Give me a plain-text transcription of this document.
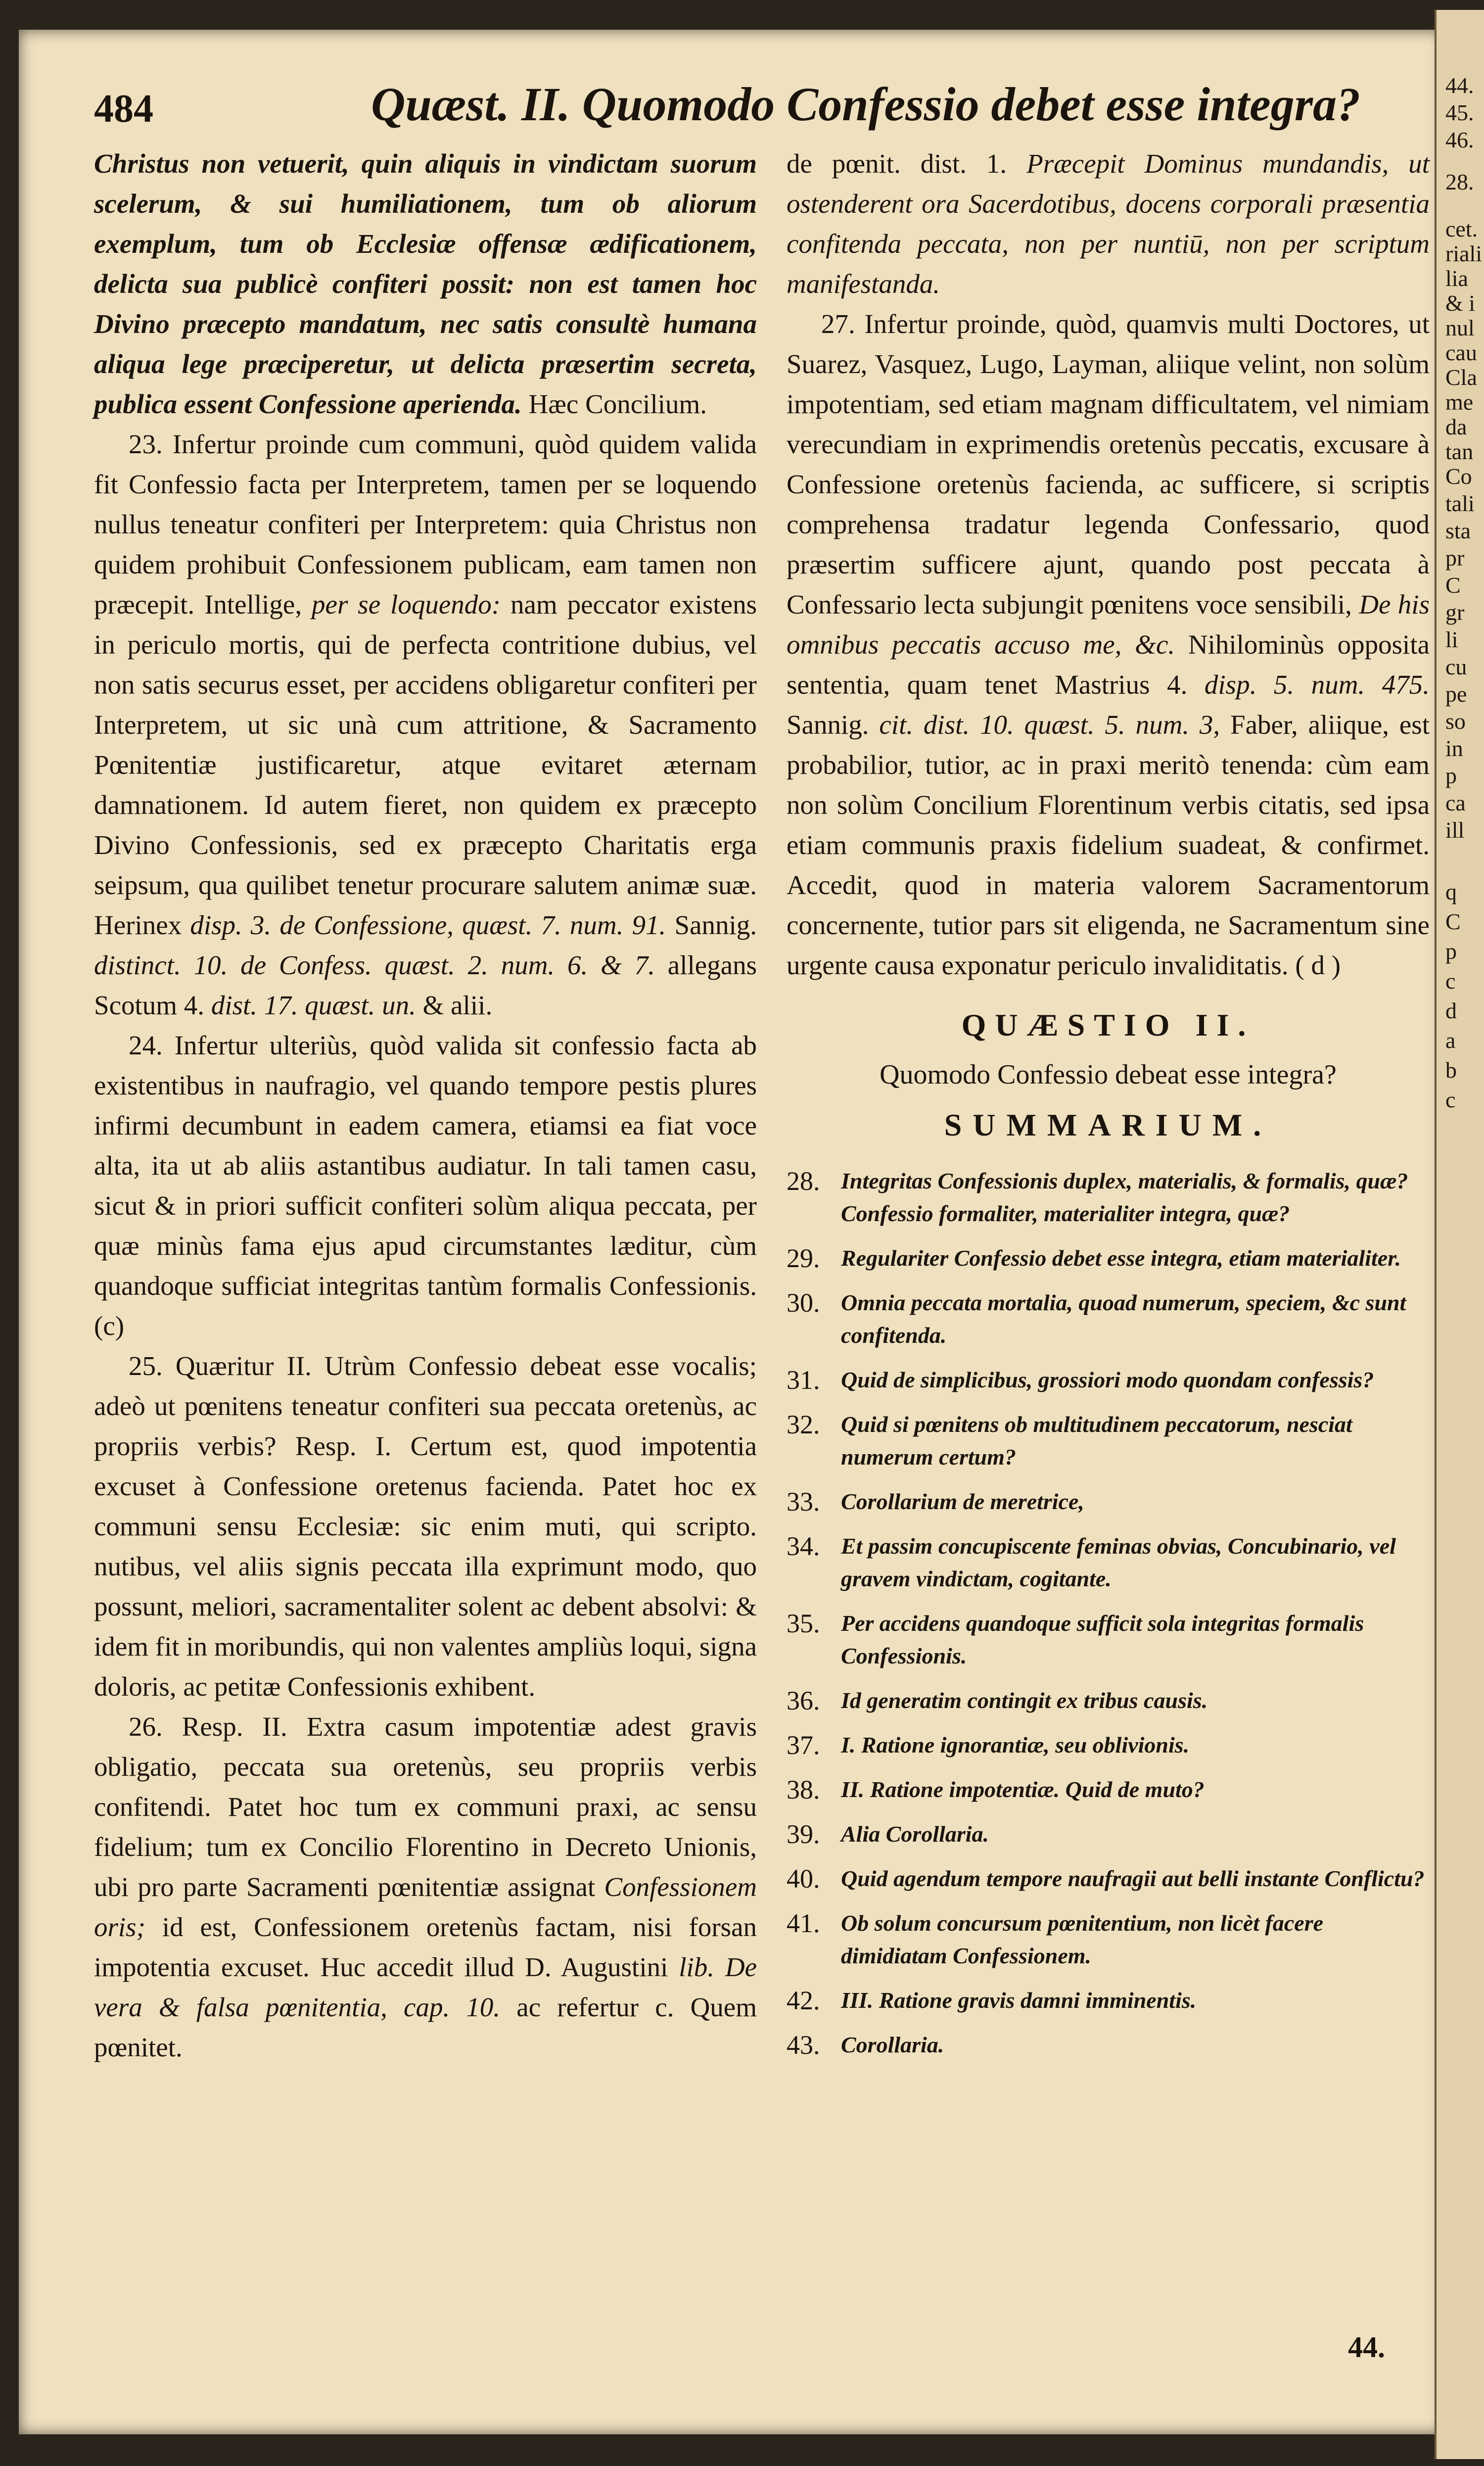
44.
45.
46.
28.
cet.
riali
lia
& i
nul
cau
Cla
me
da
tan
Co
tali
sta
pr
C
gr
li
cu
pe
so
in
p
ca
ill
q
C
p
c
d
a
b
c
484	Quæst. II. Quomodo Confessio debet esse integra?

Christus non vetuerit, quin aliquis in vindictam suorum scelerum, & sui humiliationem, tum ob aliorum exemplum, tum ob Ecclesiæ offensæ ædificationem, delicta sua publicè confiteri possit: non est tamen hoc Divino præcepto mandatum, nec satis consultè humana aliqua lege præciperetur, ut delicta præsertim secreta, publica essent Confessione aperienda. Hæc Concilium.

23. Infertur proinde cum communi, quòd quidem valida fit Confessio facta per Interpretem, tamen per se loquendo nullus teneatur confiteri per Interpretem: quia Christus non quidem prohibuit Confessionem publicam, eam tamen non præcepit. Intellige, per se loquendo: nam peccator existens in periculo mortis, qui de perfecta contritione dubius, vel non satis securus esset, per accidens obligaretur confiteri per Interpretem, ut sic unà cum attritione, & Sacramento Pœnitentiæ justificaretur, atque evitaret æternam damnationem. Id autem fieret, non quidem ex præcepto Divino Confessionis, sed ex præcepto Charitatis erga seipsum, qua quilibet tenetur procurare salutem animæ suæ. Herinex disp. 3. de Confessione, quæst. 7. num. 91. Sannig. distinct. 10. de Confess. quæst. 2. num. 6. & 7. allegans Scotum 4. dist. 17. quæst. un. & alii.

24. Infertur ulteriùs, quòd valida sit confessio facta ab existentibus in naufragio, vel quando tempore pestis plures infirmi decumbunt in eadem camera, etiamsi ea fiat voce alta, ita ut ab aliis astantibus audiatur. In tali tamen casu, sicut & in priori sufficit confiteri solùm aliqua peccata, per quæ minùs fama ejus apud circumstantes læditur, cùm quandoque sufficiat integritas tantùm formalis Confessionis. (c)

25. Quæritur II. Utrùm Confessio debeat esse vocalis; adeò ut pœnitens teneatur confiteri sua peccata oretenùs, ac propriis verbis? Resp. I. Certum est, quod impotentia excuset à Confessione oretenus facienda. Patet hoc ex communi sensu Ecclesiæ: sic enim muti, qui scripto. nutibus, vel aliis signis peccata illa exprimunt modo, quo possunt, meliori, sacramentaliter solent ac debent absolvi: & idem fit in moribundis, qui non valentes ampliùs loqui, signa doloris, ac petitæ Confessionis exhibent.

26. Resp. II. Extra casum impotentiæ adest gravis obligatio, peccata sua oretenùs, seu propriis verbis confitendi. Patet hoc tum ex communi praxi, ac sensu fidelium; tum ex Concilio Florentino in Decreto Unionis, ubi pro parte Sacramenti pœnitentiæ assignat Confessionem oris; id est, Confessionem oretenùs factam, nisi forsan impotentia excuset. Huc accedit illud D. Augustini lib. De vera & falsa pœnitentia, cap. 10. ac refertur c. Quem pœnitet.

de pœnit. dist. 1. Præcepit Dominus mundandis, ut ostenderent ora Sacerdotibus, docens corporali præsentia confitenda peccata, non per nuntiū, non per scriptum manifestanda.

27. Infertur proinde, quòd, quamvis multi Doctores, ut Suarez, Vasquez, Lugo, Layman, aliique velint, non solùm impotentiam, sed etiam magnam difficultatem, vel nimiam verecundiam in exprimendis oretenùs peccatis, excusare à Confessione oretenùs facienda, ac sufficere, si scriptis comprehensa tradatur legenda Confessario, quod præsertim sufficere ajunt, quando post peccata à Confessario lecta subjungit pœnitens voce sensibili, De his omnibus peccatis accuso me, &c. Nihilominùs opposita sententia, quam tenet Mastrius 4. disp. 5. num. 475. Sannig. cit. dist. 10. quæst. 5. num. 3, Faber, aliique, est probabilior, tutior, ac in praxi meritò tenenda: cùm eam non solùm Concilium Florentinum verbis citatis, sed ipsa etiam communis praxis fidelium suadeat, & confirmet. Accedit, quod in materia valorem Sacramentorum concernente, tutior pars sit eligenda, ne Sacramentum sine urgente causa exponatur periculo invaliditatis. ( d )

QUÆSTIO II.

Quomodo Confessio debeat esse integra?

SUMMARIUM.

28. Integritas Confessionis duplex, materialis, & formalis, quæ? Confessio formaliter, materialiter integra, quæ?
29. Regulariter Confessio debet esse integra, etiam materialiter.
30. Omnia peccata mortalia, quoad numerum, speciem, &c sunt confitenda.
31. Quid de simplicibus, grossiori modo quondam confessis?
32. Quid si pœnitens ob multitudinem peccatorum, nesciat numerum certum?
33. Corollarium de meretrice,
34. Et passim concupiscente feminas obvias, Concubinario, vel gravem vindictam, cogitante.
35. Per accidens quandoque sufficit sola integritas formalis Confessionis.
36. Id generatim contingit ex tribus causis.
37. I. Ratione ignorantiæ, seu oblivionis.
38. II. Ratione impotentiæ. Quid de muto?
39. Alia Corollaria.
40. Quid agendum tempore naufragii aut belli instante Conflictu?
41. Ob solum concursum pœnitentium, non licèt facere dimidiatam Confessionem.
42. III. Ratione gravis damni imminentis.
43. Corollaria.
44.
